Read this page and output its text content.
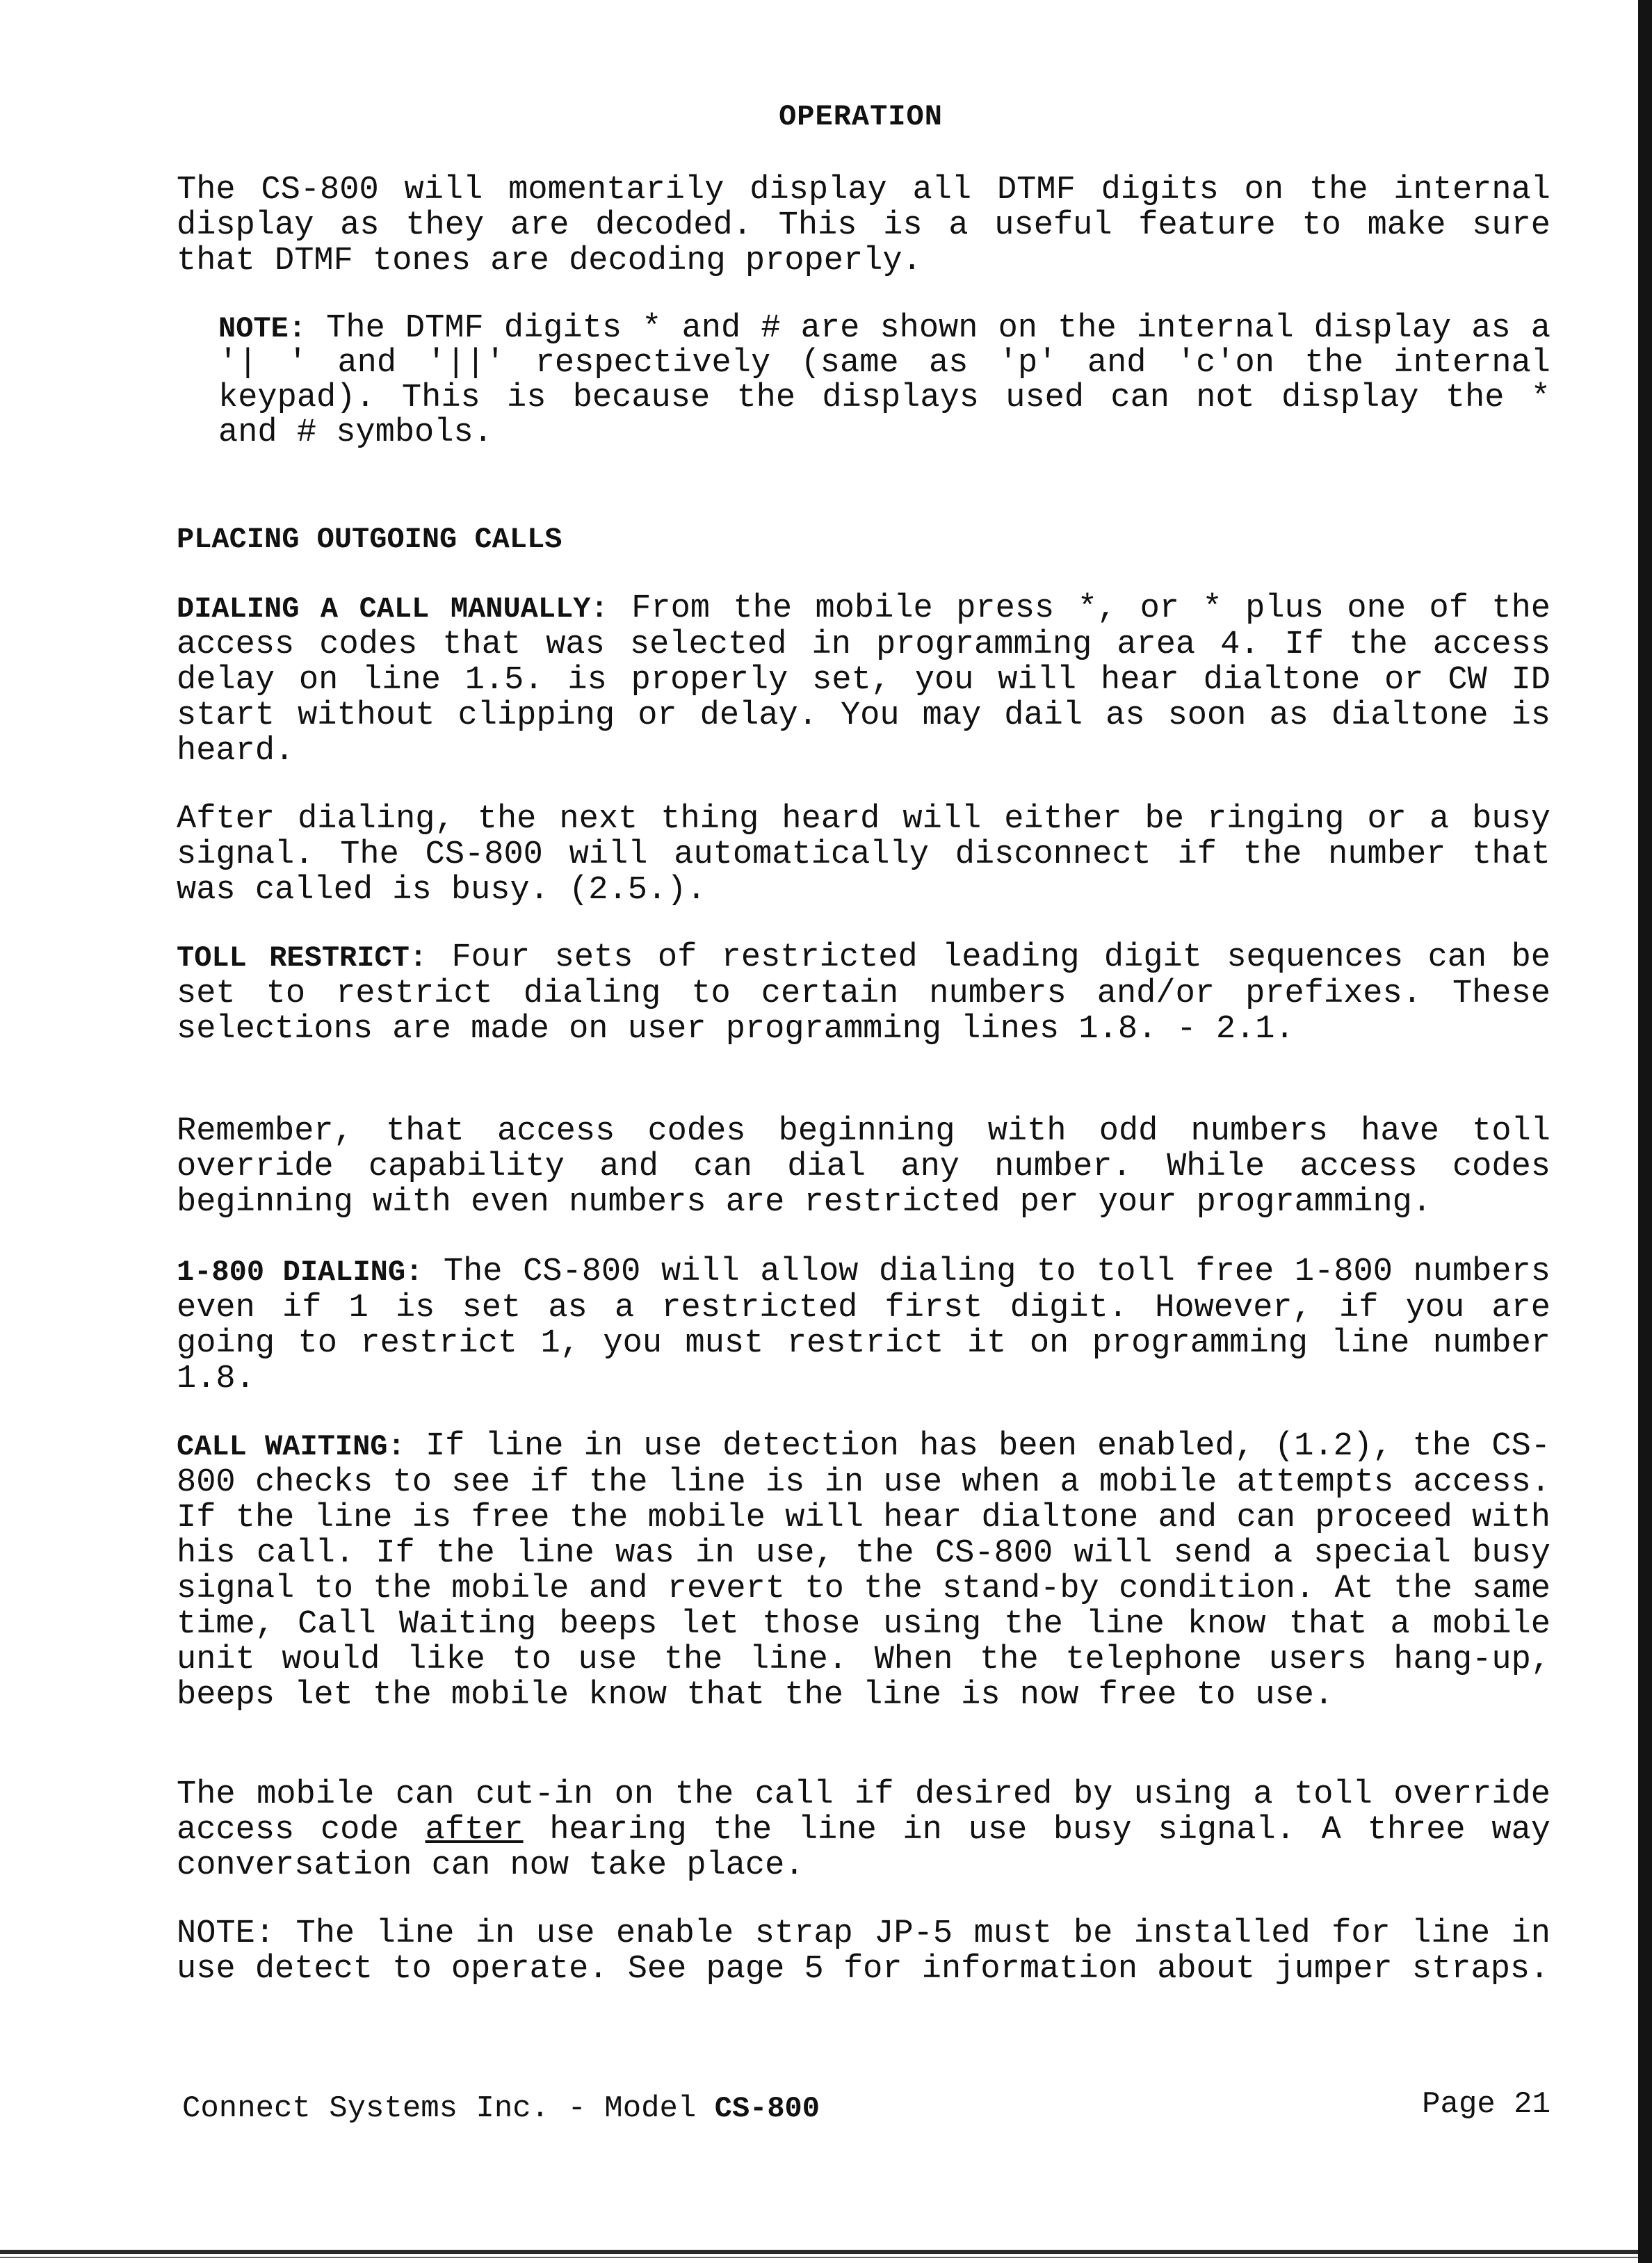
OPERATION

The CS-800 will momentarily display all DTMF digits on the internal display as they are decoded. This is a useful feature to make sure that DTMF tones are decoding properly.

NOTE: The DTMF digits * and # are shown on the internal display as a '| ' and '||' respectively (same as 'p' and 'c'on the internal keypad). This is because the displays used can not display the * and # symbols.

PLACING OUTGOING CALLS

DIALING A CALL MANUALLY: From the mobile press *, or * plus one of the access codes that was selected in programming area 4. If the access delay on line 1.5. is properly set, you will hear dialtone or CW ID start without clipping or delay. You may dail as soon as dialtone is heard.

After dialing, the next thing heard will either be ringing or a busy signal. The CS-800 will automatically disconnect if the number that was called is busy. (2.5.).

TOLL RESTRICT: Four sets of restricted leading digit sequences can be set to restrict dialing to certain numbers and/or prefixes. These selections are made on user programming lines 1.8. - 2.1.

Remember, that access codes beginning with odd numbers have toll override capability and can dial any number. While access codes beginning with even numbers are restricted per your programming.

1-800 DIALING: The CS-800 will allow dialing to toll free 1-800 numbers even if 1 is set as a restricted first digit. However, if you are going to restrict 1, you must restrict it on programming line number 1.8.

CALL WAITING: If line in use detection has been enabled, (1.2), the CS-800 checks to see if the line is in use when a mobile attempts access. If the line is free the mobile will hear dialtone and can proceed with his call. If the line was in use, the CS-800 will send a special busy signal to the mobile and revert to the stand-by condition. At the same time, Call Waiting beeps let those using the line know that a mobile unit would like to use the line. When the telephone users hang-up, beeps let the mobile know that the line is now free to use.

The mobile can cut-in on the call if desired by using a toll override access code after hearing the line in use busy signal. A three way conversation can now take place.

NOTE: The line in use enable strap JP-5 must be installed for line in use detect to operate. See page 5 for information about jumper straps.

Connect Systems Inc. - Model CS-800	Page 21
